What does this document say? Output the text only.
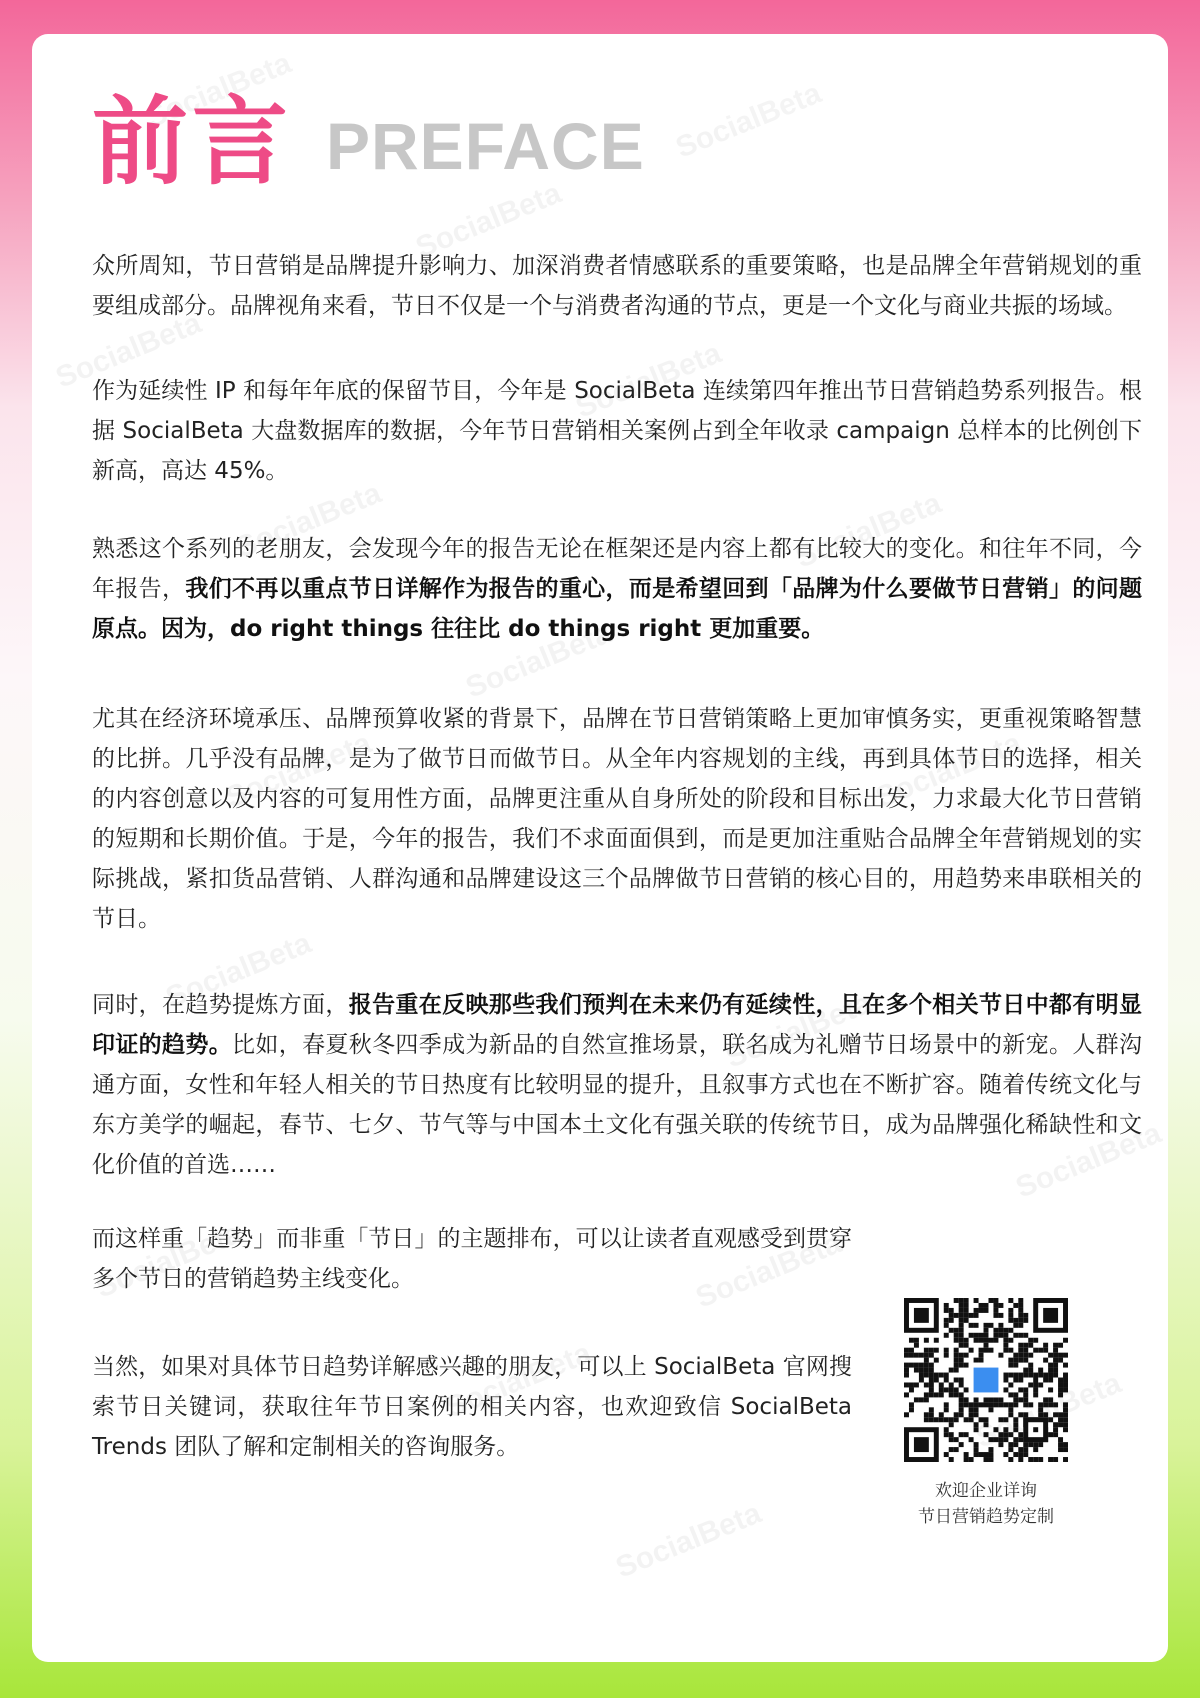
前言 PREFACE

众所周知，节日营销是品牌提升影响力、加深消费者情感联系的重要策略，也是品牌全年营销规划的重要组成部分。品牌视角来看，节日不仅是一个与消费者沟通的节点，更是一个文化与商业共振的场域。

作为延续性 IP 和每年年底的保留节目，今年是 SocialBeta 连续第四年推出节日营销趋势系列报告。根据 SocialBeta 大盘数据库的数据，今年节日营销相关案例占到全年收录 campaign 总样本的比例创下新高，高达 45%。

熟悉这个系列的老朋友，会发现今年的报告无论在框架还是内容上都有比较大的变化。和往年不同，今年报告，我们不再以重点节日详解作为报告的重心，而是希望回到「品牌为什么要做节日营销」的问题原点。因为，do right things 往往比 do things right 更加重要。

尤其在经济环境承压、品牌预算收紧的背景下，品牌在节日营销策略上更加审慎务实，更重视策略智慧的比拼。几乎没有品牌，是为了做节日而做节日。从全年内容规划的主线，再到具体节日的选择，相关的内容创意以及内容的可复用性方面，品牌更注重从自身所处的阶段和目标出发，力求最大化节日营销的短期和长期价值。于是，今年的报告，我们不求面面俱到，而是更加注重贴合品牌全年营销规划的实际挑战，紧扣货品营销、人群沟通和品牌建设这三个品牌做节日营销的核心目的，用趋势来串联相关的节日。

同时，在趋势提炼方面，报告重在反映那些我们预判在未来仍有延续性，且在多个相关节日中都有明显印证的趋势。比如，春夏秋冬四季成为新品的自然宣推场景，联名成为礼赠节日场景中的新宠。人群沟通方面，女性和年轻人相关的节日热度有比较明显的提升，且叙事方式也在不断扩容。随着传统文化与东方美学的崛起，春节、七夕、节气等与中国本土文化有强关联的传统节日，成为品牌强化稀缺性和文化价值的首选……

而这样重「趋势」而非重「节日」的主题排布，可以让读者直观感受到贯穿多个节日的营销趋势主线变化。

当然，如果对具体节日趋势详解感兴趣的朋友，可以上 SocialBeta 官网搜索节日关键词，获取往年节日案例的相关内容，也欢迎致信 SocialBeta Trends 团队了解和定制相关的咨询服务。

欢迎企业详询
节日营销趋势定制
